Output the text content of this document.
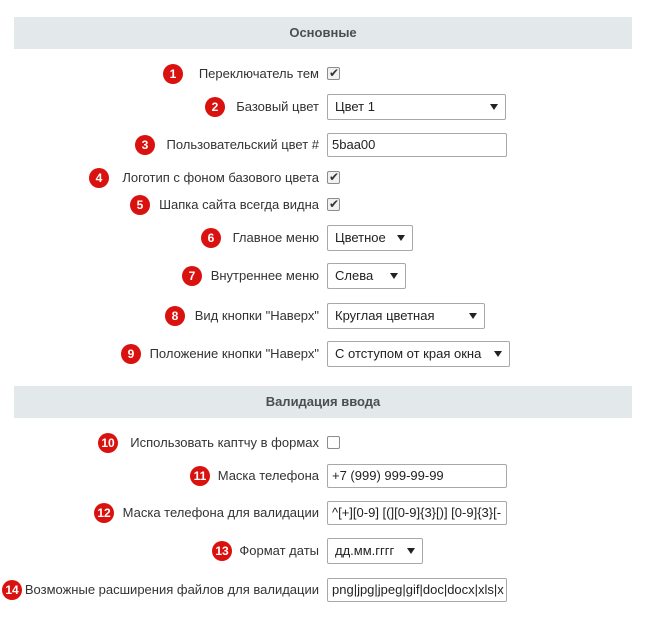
Основные
1	Переключатель тем ✔
2	Базовый цвет	Цвет 1
3	Пользовательский цвет #	5baa00
4	Логотип с фоном базового цвета ✔
5	Шапка сайта всегда видна ✔
6	Главное меню	Цветное
7	Внутреннее меню	Слева
8	Вид кнопки "Наверх"	Круглая цветная
9	Положение кнопки "Наверх"	С отступом от края окна
Валидация ввода
10 Использовать каптчу в формах
11 Маска телефона	+7 (999) 999-99-99
12 Маска телефона для валидации	^[+][0-9] [(][0-9]{3}[)] [0-9]{3}[-
13 Формат даты	дд.мм.гггг
14 Возможные расширения файлов для валидации	png|jpg|jpeg|gif|doc|docx|xls|x
